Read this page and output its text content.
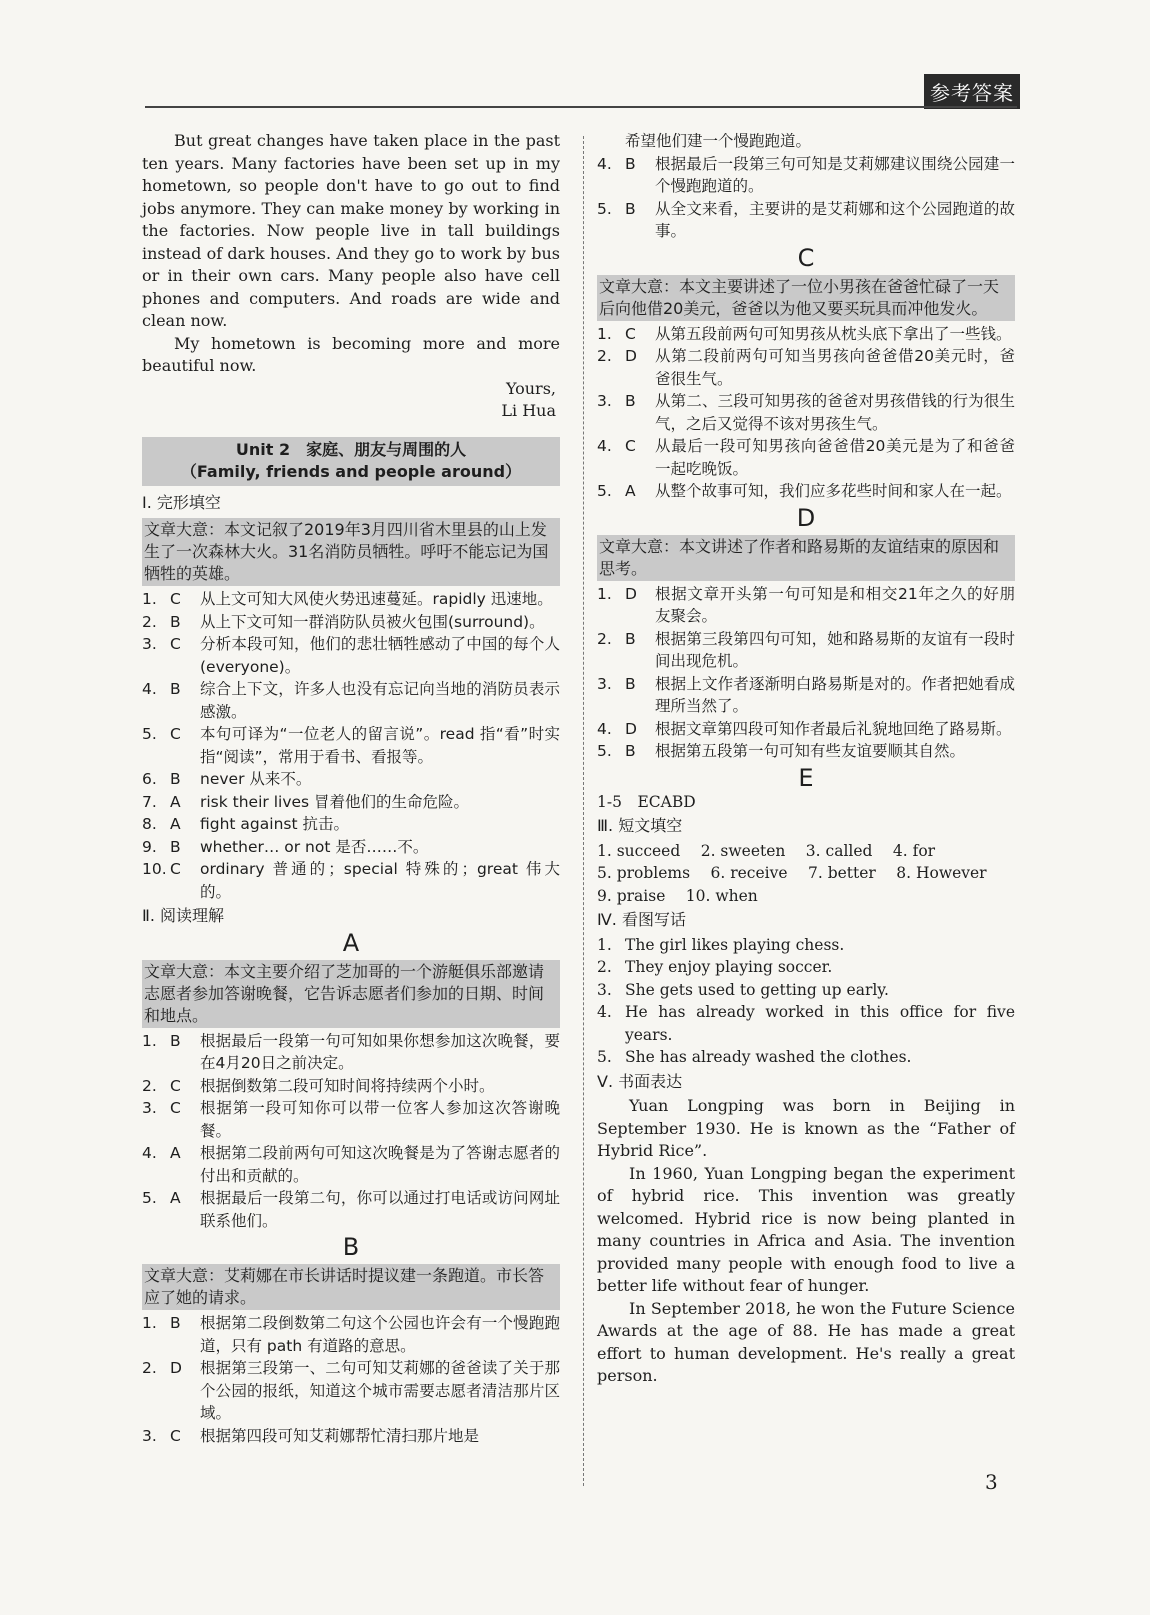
参考答案

But great changes have taken place in the past ten years. Many factories have been set up in my hometown, so people don't have to go out to find jobs anymore. They can make money by working in the factories. Now people live in tall buildings instead of dark houses. And they go to work by bus or in their own cars. Many people also have cell phones and computers. And roads are wide and clean now.

My hometown is becoming more and more beautiful now.

Yours,

Li Hua

Unit 2　家庭、朋友与周围的人
（Family, friends and people around）
Ⅰ. 完形填空
文章大意：本文记叙了2019年3月四川省木里县的山上发生了一次森林大火。31名消防员牺牲。呼吁不能忘记为国牺牲的英雄。
1. C	从上文可知大风使火势迅速蔓延。rapidly 迅速地。
2. B	从上下文可知一群消防队员被火包围(surround)。
3. C	分析本段可知，他们的悲壮牺牲感动了中国的每个人(everyone)。
4. B	综合上下文，许多人也没有忘记向当地的消防员表示感激。
5. C	本句可译为“一位老人的留言说”。read 指“看”时实指“阅读”，常用于看书、看报等。
6. B	never 从来不。
7. A	risk their lives 冒着他们的生命危险。
8. A	fight against 抗击。
9. B	whether… or not 是否……不。
10. C	ordinary 普通的；special 特殊的；great 伟大的。
Ⅱ. 阅读理解
A
文章大意：本文主要介绍了芝加哥的一个游艇俱乐部邀请志愿者参加答谢晚餐，它告诉志愿者们参加的日期、时间和地点。
1. B	根据最后一段第一句可知如果你想参加这次晚餐，要在4月20日之前决定。
2. C	根据倒数第二段可知时间将持续两个小时。
3. C	根据第一段可知你可以带一位客人参加这次答谢晚餐。
4. A	根据第二段前两句可知这次晚餐是为了答谢志愿者的付出和贡献的。
5. A	根据最后一段第二句，你可以通过打电话或访问网址联系他们。
B
文章大意：艾莉娜在市长讲话时提议建一条跑道。市长答应了她的请求。
1. B	根据第二段倒数第二句这个公园也许会有一个慢跑跑道，只有 path 有道路的意思。
2. D	根据第三段第一、二句可知艾莉娜的爸爸读了关于那个公园的报纸，知道这个城市需要志愿者清洁那片区域。
3. C	根据第四段可知艾莉娜帮忙清扫那片地是
希望他们建一个慢跑跑道。
4. B	根据最后一段第三句可知是艾莉娜建议围绕公园建一个慢跑跑道的。
5. B	从全文来看，主要讲的是艾莉娜和这个公园跑道的故事。
C
文章大意：本文主要讲述了一位小男孩在爸爸忙碌了一天后向他借20美元，爸爸以为他又要买玩具而冲他发火。
1. C	从第五段前两句可知男孩从枕头底下拿出了一些钱。
2. D	从第二段前两句可知当男孩向爸爸借20美元时，爸爸很生气。
3. B	从第二、三段可知男孩的爸爸对男孩借钱的行为很生气，之后又觉得不该对男孩生气。
4. C	从最后一段可知男孩向爸爸借20美元是为了和爸爸一起吃晚饭。
5. A	从整个故事可知，我们应多花些时间和家人在一起。
D
文章大意：本文讲述了作者和路易斯的友谊结束的原因和思考。
1. D	根据文章开头第一句可知是和相交21年之久的好朋友聚会。
2. B	根据第三段第四句可知，她和路易斯的友谊有一段时间出现危机。
3. B	根据上文作者逐渐明白路易斯是对的。作者把她看成理所当然了。
4. D	根据文章第四段可知作者最后礼貌地回绝了路易斯。
5. B	根据第五段第一句可知有些友谊要顺其自然。
E
1-5　ECABD
Ⅲ. 短文填空
1. succeed　 2. sweeten　 3. called　 4. for
5. problems　 6. receive　 7. better　 8. However
9. praise　 10. when
Ⅳ. 看图写话
1. The girl likes playing chess.
2. They enjoy playing soccer.
3. She gets used to getting up early.
4. He has already worked in this office for five years.
5. She has already washed the clothes.
Ⅴ. 书面表达

Yuan Longping was born in Beijing in September 1930. He is known as the “Father of Hybrid Rice”.

In 1960, Yuan Longping began the experiment of hybrid rice. This invention was greatly welcomed. Hybrid rice is now being planted in many countries in Africa and Asia. The invention provided many people with enough food to live a better life without fear of hunger.

In September 2018, he won the Future Science Awards at the age of 88. He has made a great effort to human development. He's really a great person.

3
